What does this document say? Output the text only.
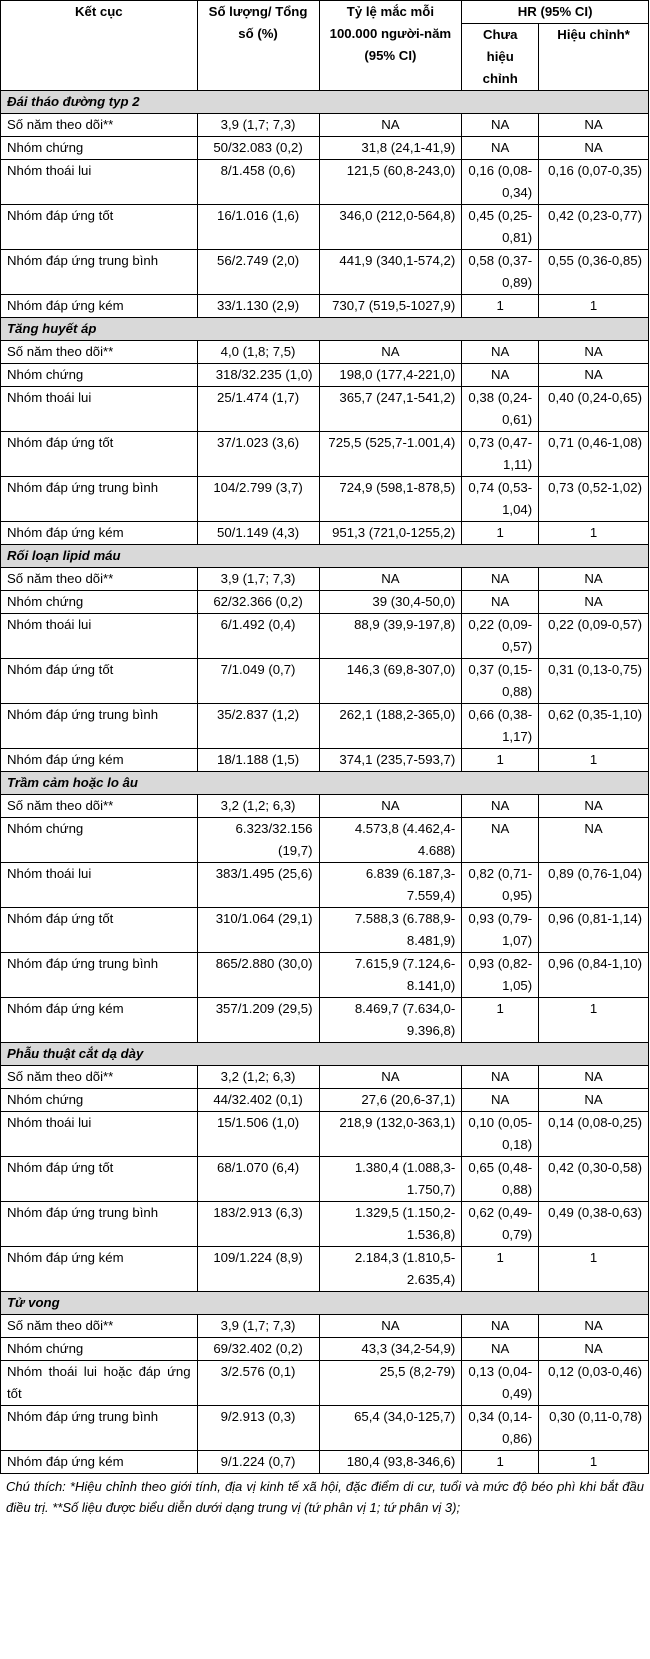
Kết cục	Số lượng/ Tổng số (%)	Tỷ lệ mắc mỗi 100.000 người-năm (95% CI)	HR (95% CI)	
			Chưa hiệu chỉnh	Hiệu chỉnh*
Đái tháo đường typ 2				
Số năm theo dõi**	3,9 (1,7; 7,3)	NA	NA	NA
Nhóm chứng	50/32.083 (0,2)	31,8 (24,1-41,9)	NA	NA
Nhóm thoái lui	8/1.458 (0,6)	121,5 (60,8-243,0)	0,16 (0,08-0,34)	0,16 (0,07-0,35)
Nhóm đáp ứng tốt	16/1.016 (1,6)	346,0 (212,0-564,8)	0,45 (0,25-0,81)	0,42 (0,23-0,77)
Nhóm đáp ứng trung bình	56/2.749 (2,0)	441,9 (340,1-574,2)	0,58 (0,37-0,89)	0,55 (0,36-0,85)
Nhóm đáp ứng kém	33/1.130 (2,9)	730,7 (519,5-1027,9)	1	1
Tăng huyết áp				
Số năm theo dõi**	4,0 (1,8; 7,5)	NA	NA	NA
Nhóm chứng	318/32.235 (1,0)	198,0 (177,4-221,0)	NA	NA
Nhóm thoái lui	25/1.474 (1,7)	365,7 (247,1-541,2)	0,38 (0,24-0,61)	0,40 (0,24-0,65)
Nhóm đáp ứng tốt	37/1.023 (3,6)	725,5 (525,7-1.001,4)	0,73 (0,47-1,11)	0,71 (0,46-1,08)
Nhóm đáp ứng trung bình	104/2.799 (3,7)	724,9 (598,1-878,5)	0,74 (0,53-1,04)	0,73 (0,52-1,02)
Nhóm đáp ứng kém	50/1.149 (4,3)	951,3 (721,0-1255,2)	1	1
Rối loạn lipid máu				
Số năm theo dõi**	3,9 (1,7; 7,3)	NA	NA	NA
Nhóm chứng	62/32.366 (0,2)	39 (30,4-50,0)	NA	NA
Nhóm thoái lui	6/1.492 (0,4)	88,9 (39,9-197,8)	0,22 (0,09-0,57)	0,22 (0,09-0,57)
Nhóm đáp ứng tốt	7/1.049 (0,7)	146,3 (69,8-307,0)	0,37 (0,15-0,88)	0,31 (0,13-0,75)
Nhóm đáp ứng trung bình	35/2.837 (1,2)	262,1 (188,2-365,0)	0,66 (0,38-1,17)	0,62 (0,35-1,10)
Nhóm đáp ứng kém	18/1.188 (1,5)	374,1 (235,7-593,7)	1	1
Trầm cảm hoặc lo âu				
Số năm theo dõi**	3,2 (1,2; 6,3)	NA	NA	NA
Nhóm chứng	6.323/32.156 (19,7)	4.573,8 (4.462,4-4.688)	NA	NA
Nhóm thoái lui	383/1.495 (25,6)	6.839 (6.187,3-7.559,4)	0,82 (0,71-0,95)	0,89 (0,76-1,04)
Nhóm đáp ứng tốt	310/1.064 (29,1)	7.588,3 (6.788,9-8.481,9)	0,93 (0,79-1,07)	0,96 (0,81-1,14)
Nhóm đáp ứng trung bình	865/2.880 (30,0)	7.615,9 (7.124,6-8.141,0)	0,93 (0,82-1,05)	0,96 (0,84-1,10)
Nhóm đáp ứng kém	357/1.209 (29,5)	8.469,7 (7.634,0-9.396,8)	1	1
Phẫu thuật cắt dạ dày				
Số năm theo dõi**	3,2 (1,2; 6,3)	NA	NA	NA
Nhóm chứng	44/32.402 (0,1)	27,6 (20,6-37,1)	NA	NA
Nhóm thoái lui	15/1.506 (1,0)	218,9 (132,0-363,1)	0,10 (0,05-0,18)	0,14 (0,08-0,25)
Nhóm đáp ứng tốt	68/1.070 (6,4)	1.380,4 (1.088,3-1.750,7)	0,65 (0,48-0,88)	0,42 (0,30-0,58)
Nhóm đáp ứng trung bình	183/2.913 (6,3)	1.329,5 (1.150,2-1.536,8)	0,62 (0,49-0,79)	0,49 (0,38-0,63)
Nhóm đáp ứng kém	109/1.224 (8,9)	2.184,3 (1.810,5-2.635,4)	1	1
Tử vong				
Số năm theo dõi**	3,9 (1,7; 7,3)	NA	NA	NA
Nhóm chứng	69/32.402 (0,2)	43,3 (34,2-54,9)	NA	NA
Nhóm thoái lui hoặc đáp ứng tốt	3/2.576 (0,1)	25,5 (8,2-79)	0,13 (0,04-0,49)	0,12 (0,03-0,46)
Nhóm đáp ứng trung bình	9/2.913 (0,3)	65,4 (34,0-125,7)	0,34 (0,14-0,86)	0,30 (0,11-0,78)
Nhóm đáp ứng kém	9/1.224 (0,7)	180,4 (93,8-346,6)	1	1
Chú thích: *Hiệu chỉnh theo giới tính, địa vị kinh tế xã hội, đặc điểm di cư, tuổi và mức độ béo phì khi bắt đầu điều trị. **Số liệu được biểu diễn dưới dạng trung vị (tứ phân vị 1; tứ phân vị 3);
